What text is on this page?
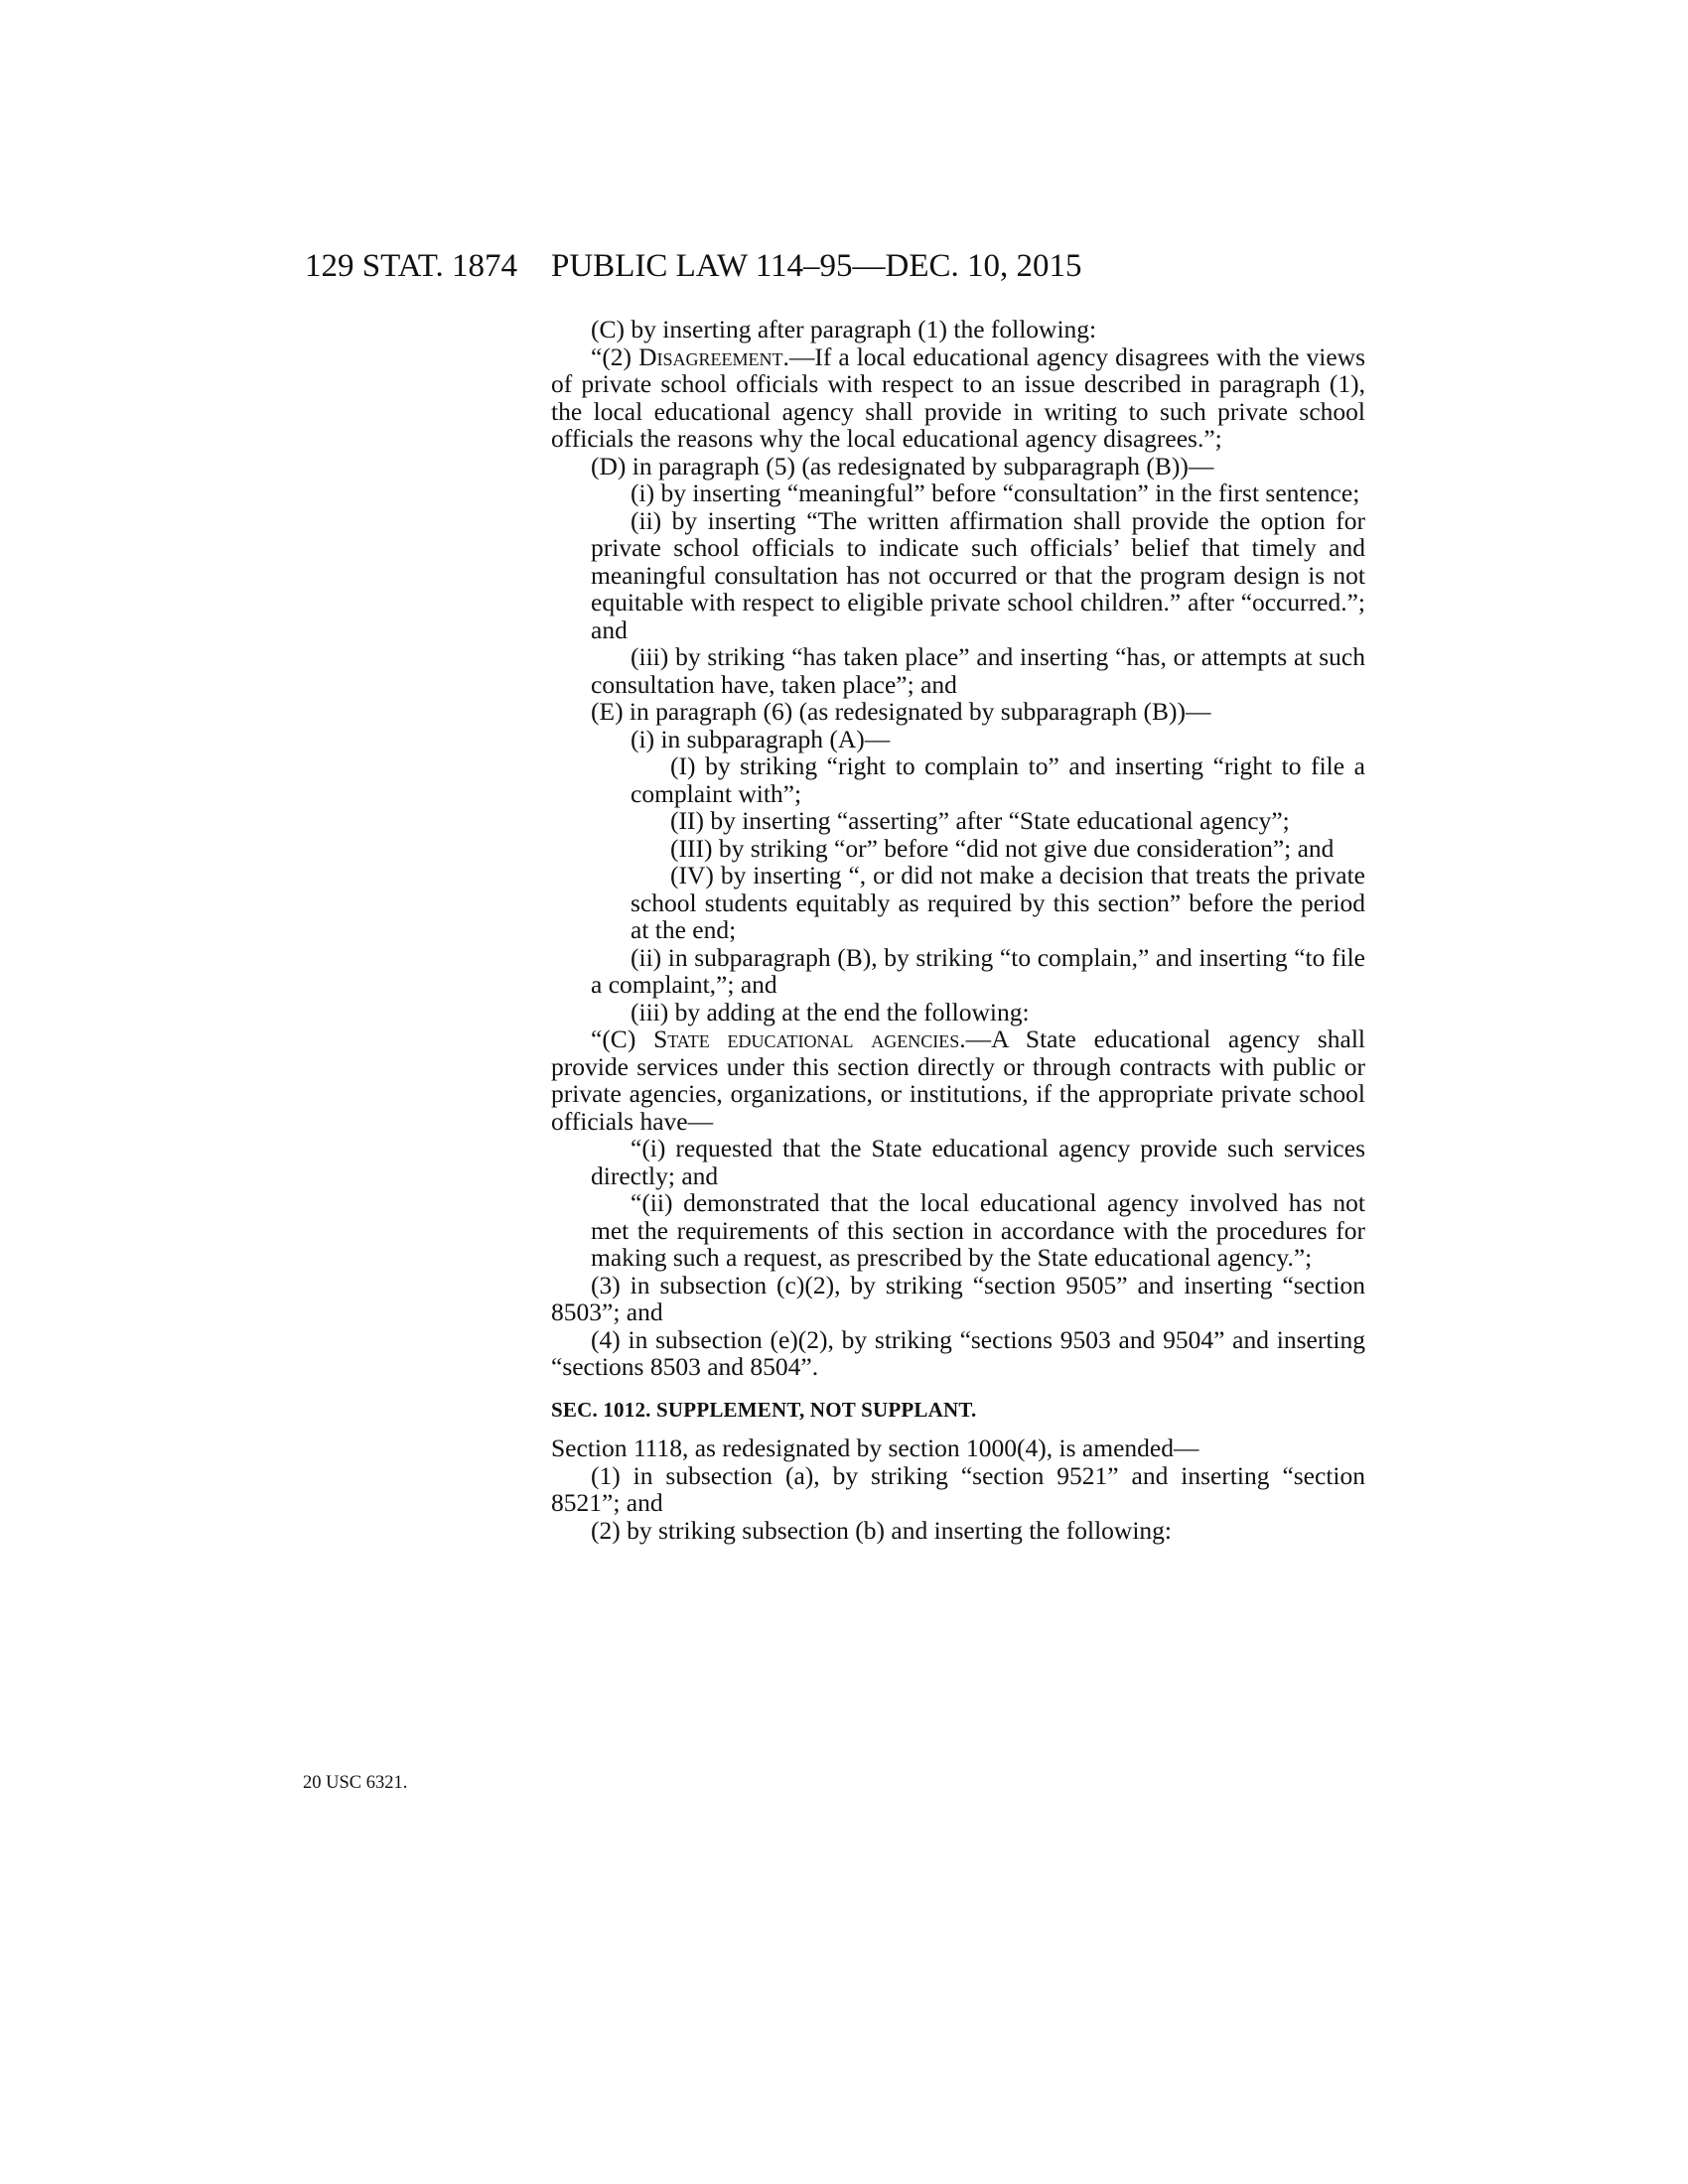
129 STAT. 1874 PUBLIC LAW 114–95—DEC. 10, 2015

(C) by inserting after paragraph (1) the following:

“(2) Disagreement.—If a local educational agency disagrees with the views of private school officials with respect to an issue described in paragraph (1), the local educational agency shall provide in writing to such private school officials the reasons why the local educational agency disagrees.”;

(D) in paragraph (5) (as redesignated by subparagraph (B))—

(i) by inserting “meaningful” before “consultation” in the first sentence;

(ii) by inserting “The written affirmation shall provide the option for private school officials to indicate such officials’ belief that timely and meaningful consultation has not occurred or that the program design is not equitable with respect to eligible private school children.” after “occurred.”; and

(iii) by striking “has taken place” and inserting “has, or attempts at such consultation have, taken place”; and

(E) in paragraph (6) (as redesignated by subparagraph (B))—

(i) in subparagraph (A)—

(I) by striking “right to complain to” and inserting “right to file a complaint with”;

(II) by inserting “asserting” after “State educational agency”;

(III) by striking “or” before “did not give due consideration”; and

(IV) by inserting “, or did not make a decision that treats the private school students equitably as required by this section” before the period at the end;

(ii) in subparagraph (B), by striking “to complain,” and inserting “to file a complaint,”; and

(iii) by adding at the end the following:

“(C) State educational agencies.—A State educational agency shall provide services under this section directly or through contracts with public or private agencies, organizations, or institutions, if the appropriate private school officials have—

“(i) requested that the State educational agency provide such services directly; and

“(ii) demonstrated that the local educational agency involved has not met the requirements of this section in accordance with the procedures for making such a request, as prescribed by the State educational agency.”;

(3) in subsection (c)(2), by striking “section 9505” and inserting “section 8503”; and

(4) in subsection (e)(2), by striking “sections 9503 and 9504” and inserting “sections 8503 and 8504”.

SEC. 1012. SUPPLEMENT, NOT SUPPLANT.

Section 1118, as redesignated by section 1000(4), is amended—

(1) in subsection (a), by striking “section 9521” and inserting “section 8521”; and

(2) by striking subsection (b) and inserting the following:

20 USC 6321.
